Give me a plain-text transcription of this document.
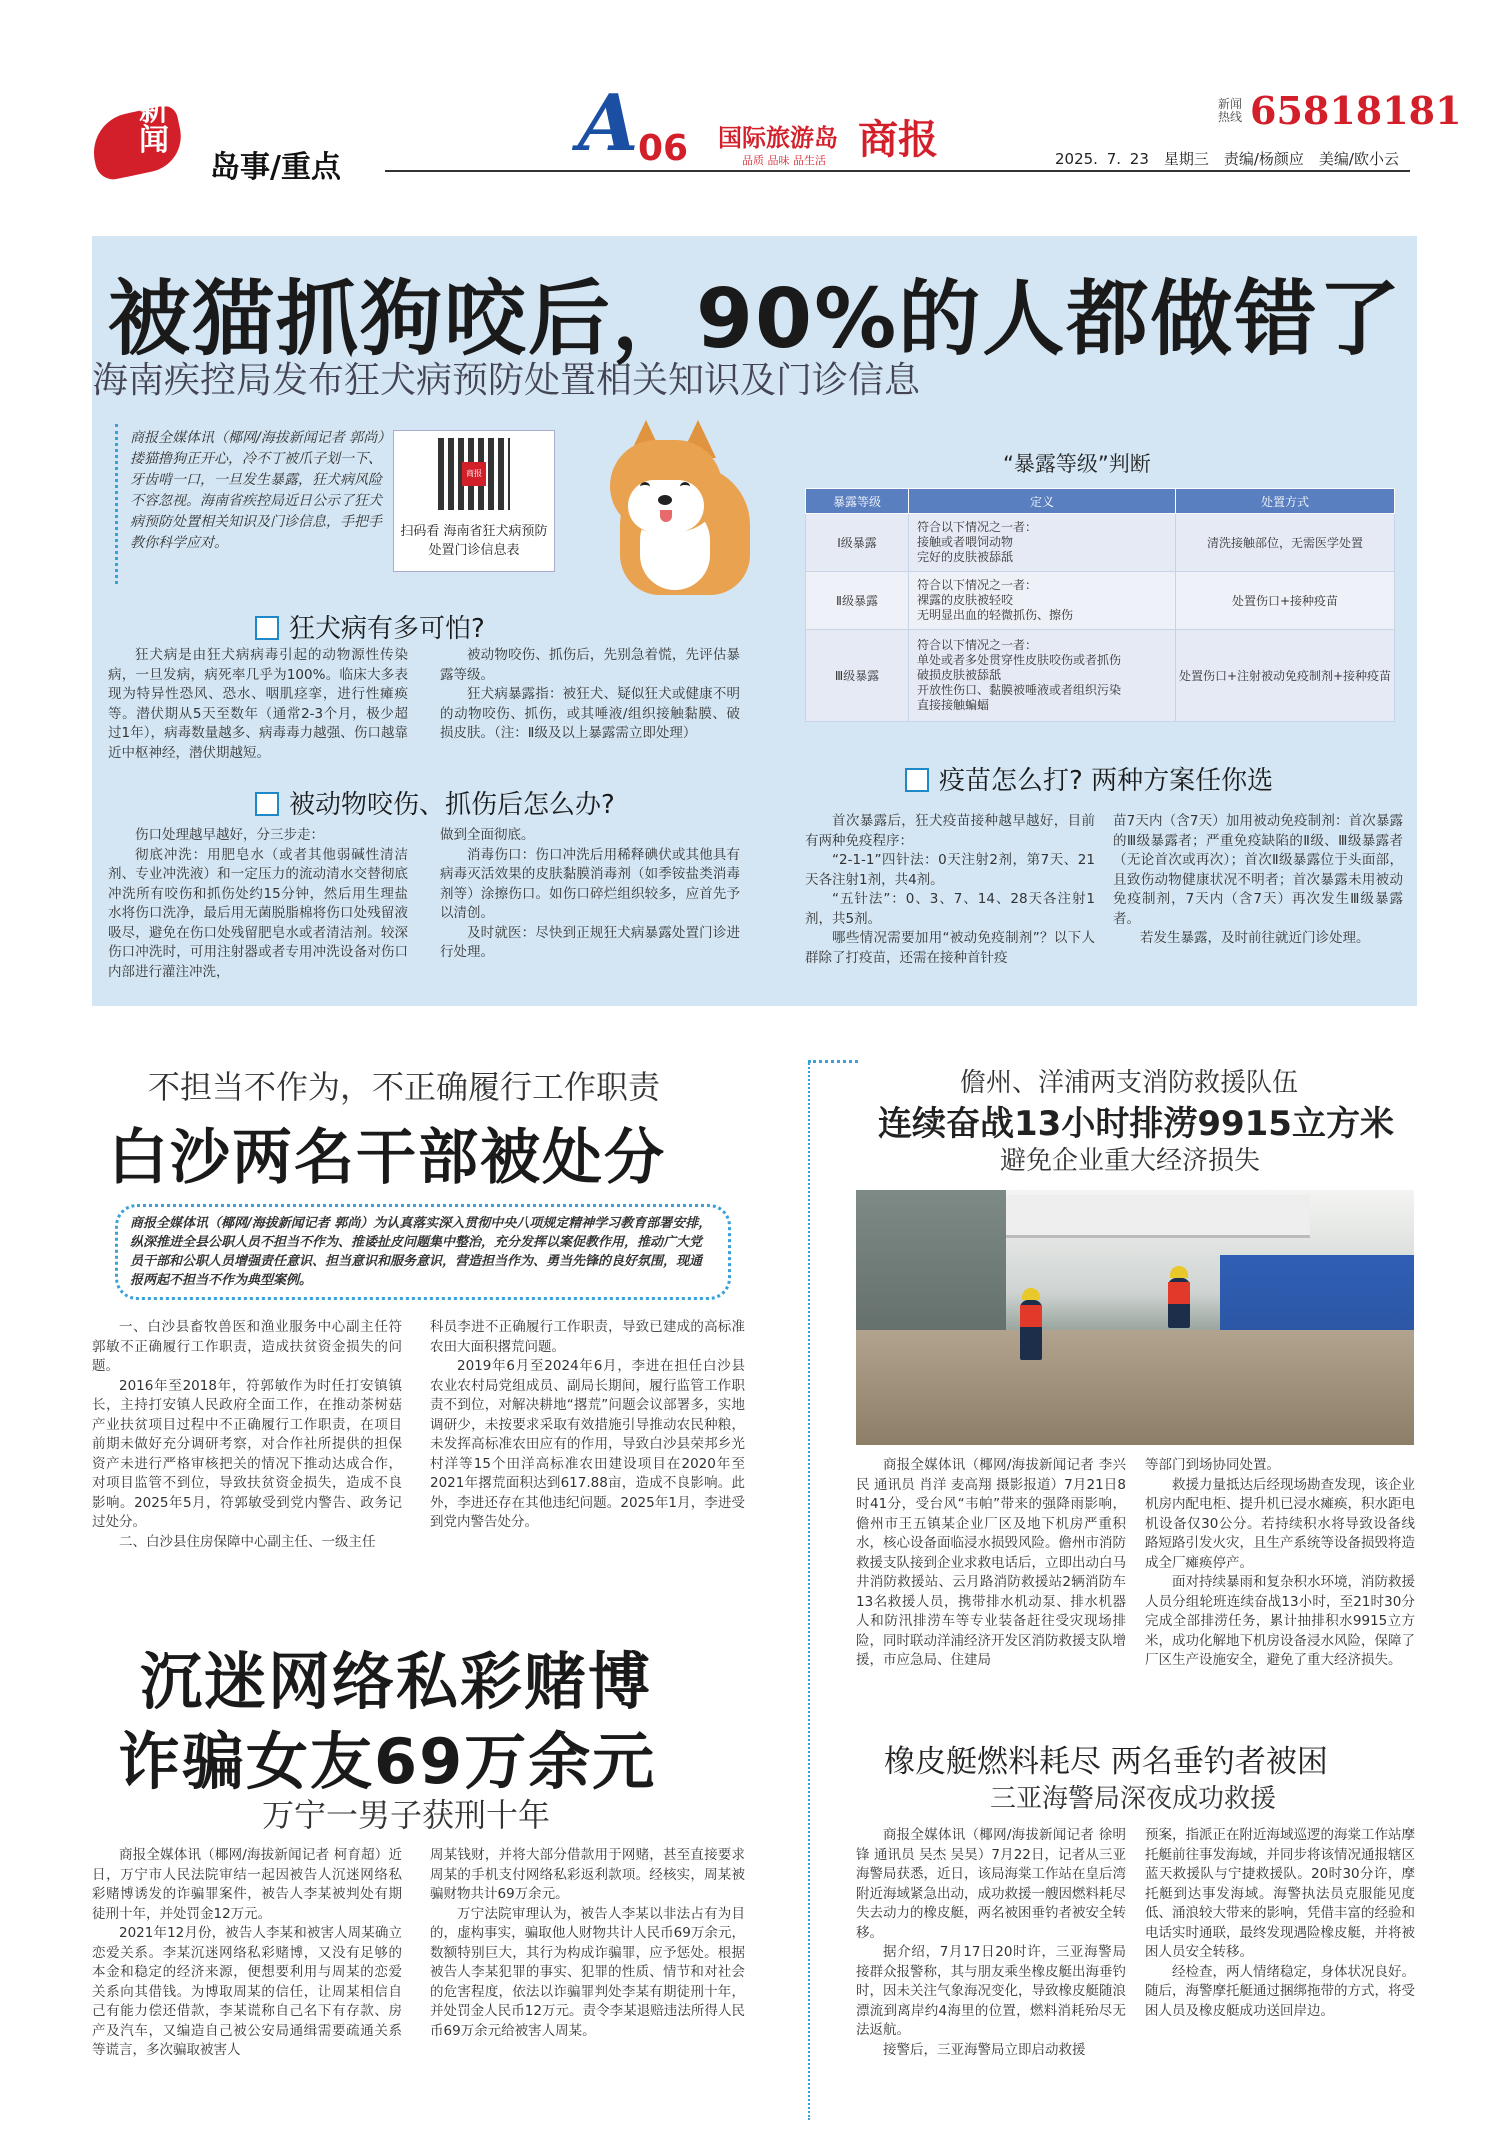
新闻
岛事/重点	A 06 国际旅游岛 商报
品质 品味 品生活
新闻热线 65818181
2025. 7. 23　星期三　责编/杨颜应　美编/欧小云
被猫抓狗咬后，90%的人都做错了
海南疾控局发布狂犬病预防处置相关知识及门诊信息
商报全媒体讯（椰网/海拔新闻记者 郭尚）搂猫撸狗正开心，冷不丁被爪子划一下、牙齿啃一口，一旦发生暴露，狂犬病风险不容忽视。海南省疾控局近日公示了狂犬病预防处置相关知识及门诊信息，手把手教你科学应对。
商报
扫码看 海南省狂犬病预防处置门诊信息表
“暴露等级”判断
暴露等级	定义	处置方式
Ⅰ级暴露	符合以下情况之一者：
接触或者喂饲动物
完好的皮肤被舔舐	清洗接触部位，无需医学处置
Ⅱ级暴露	符合以下情况之一者：
裸露的皮肤被轻咬
无明显出血的轻微抓伤、擦伤	处置伤口+接种疫苗
Ⅲ级暴露	符合以下情况之一者：
单处或者多处贯穿性皮肤咬伤或者抓伤
破损皮肤被舔舐
开放性伤口、黏膜被唾液或者组织污染
直接接触蝙蝠	处置伤口+注射被动免疫制剂+接种疫苗
狂犬病有多可怕?

狂犬病是由狂犬病病毒引起的动物源性传染病，一旦发病，病死率几乎为100%。临床大多表现为特异性恐风、恐水、咽肌痉挛，进行性瘫痪等。潜伏期从5天至数年（通常2-3个月，极少超过1年），病毒数量越多、病毒毒力越强、伤口越靠近中枢神经，潜伏期越短。

被动物咬伤、抓伤后，先别急着慌，先评估暴露等级。

狂犬病暴露指：被狂犬、疑似狂犬或健康不明的动物咬伤、抓伤，或其唾液/组织接触黏膜、破损皮肤。（注：Ⅱ级及以上暴露需立即处理）

被动物咬伤、抓伤后怎么办?

伤口处理越早越好，分三步走：

彻底冲洗：用肥皂水（或者其他弱碱性清洁剂、专业冲洗液）和一定压力的流动清水交替彻底冲洗所有咬伤和抓伤处约15分钟，然后用生理盐水将伤口洗净，最后用无菌脱脂棉将伤口处残留液吸尽，避免在伤口处残留肥皂水或者清洁剂。较深伤口冲洗时，可用注射器或者专用冲洗设备对伤口内部进行灌注冲洗，

做到全面彻底。

消毒伤口：伤口冲洗后用稀释碘伏或其他具有病毒灭活效果的皮肤黏膜消毒剂（如季铵盐类消毒剂等）涂擦伤口。如伤口碎烂组织较多，应首先予以清创。

及时就医：尽快到正规狂犬病暴露处置门诊进行处理。

疫苗怎么打? 两种方案任你选

首次暴露后，狂犬疫苗接种越早越好，目前有两种免疫程序：

“2-1-1”四针法：0天注射2剂，第7天、21天各注射1剂，共4剂。

“五针法”：0、3、7、14、28天各注射1剂，共5剂。

哪些情况需要加用“被动免疫制剂”？以下人群除了打疫苗，还需在接种首针疫

苗7天内（含7天）加用被动免疫制剂：首次暴露的Ⅲ级暴露者；严重免疫缺陷的Ⅱ级、Ⅲ级暴露者（无论首次或再次）；首次Ⅱ级暴露位于头面部，且致伤动物健康状况不明者；首次暴露未用被动免疫制剂，7天内（含7天）再次发生Ⅲ级暴露者。

若发生暴露，及时前往就近门诊处理。

不担当不作为，不正确履行工作职责
白沙两名干部被处分
商报全媒体讯（椰网/海拔新闻记者 郭尚）为认真落实深入贯彻中央八项规定精神学习教育部署安排，纵深推进全县公职人员不担当不作为、推诿扯皮问题集中整治，充分发挥以案促教作用，推动广大党员干部和公职人员增强责任意识、担当意识和服务意识，营造担当作为、勇当先锋的良好氛围，现通报两起不担当不作为典型案例。

一、白沙县畜牧兽医和渔业服务中心副主任符郭敏不正确履行工作职责，造成扶贫资金损失的问题。

2016年至2018年，符郭敏作为时任打安镇镇长，主持打安镇人民政府全面工作，在推动茶树菇产业扶贫项目过程中不正确履行工作职责，在项目前期未做好充分调研考察，对合作社所提供的担保资产未进行严格审核把关的情况下推动达成合作，对项目监管不到位，导致扶贫资金损失，造成不良影响。2025年5月，符郭敏受到党内警告、政务记过处分。

二、白沙县住房保障中心副主任、一级主任

科员李进不正确履行工作职责，导致已建成的高标准农田大面积撂荒问题。

2019年6月至2024年6月，李进在担任白沙县农业农村局党组成员、副局长期间，履行监管工作职责不到位，对解决耕地“撂荒”问题会议部署多，实地调研少，未按要求采取有效措施引导推动农民种粮，未发挥高标准农田应有的作用，导致白沙县荣邦乡光村洋等15个田洋高标准农田建设项目在2020年至2021年撂荒面积达到617.88亩，造成不良影响。此外，李进还存在其他违纪问题。2025年1月，李进受到党内警告处分。

沉迷网络私彩赌博
诈骗女友69万余元
万宁一男子获刑十年

商报全媒体讯（椰网/海拔新闻记者 柯育超）近日，万宁市人民法院审结一起因被告人沉迷网络私彩赌博诱发的诈骗罪案件，被告人李某被判处有期徒刑十年，并处罚金12万元。

2021年12月份，被告人李某和被害人周某确立恋爱关系。李某沉迷网络私彩赌博，又没有足够的本金和稳定的经济来源，便想要利用与周某的恋爱关系向其借钱。为博取周某的信任，让周某相信自己有能力偿还借款，李某谎称自己名下有存款、房产及汽车，又编造自己被公安局通缉需要疏通关系等谎言，多次骗取被害人

周某钱财，并将大部分借款用于网赌，甚至直接要求周某的手机支付网络私彩返利款项。经核实，周某被骗财物共计69万余元。

万宁法院审理认为，被告人李某以非法占有为目的，虚构事实，骗取他人财物共计人民币69万余元，数额特别巨大，其行为构成诈骗罪，应予惩处。根据被告人李某犯罪的事实、犯罪的性质、情节和对社会的危害程度，依法以诈骗罪判处李某有期徒刑十年，并处罚金人民币12万元。责令李某退赔违法所得人民币69万余元给被害人周某。

儋州、洋浦两支消防救援队伍
连续奋战13小时排涝9915立方米
避免企业重大经济损失

商报全媒体讯（椰网/海拔新闻记者 李兴民 通讯员 肖洋 麦高翔 摄影报道）7月21日8时41分，受台风“韦帕”带来的强降雨影响，儋州市王五镇某企业厂区及地下机房严重积水，核心设备面临浸水损毁风险。儋州市消防救援支队接到企业求救电话后，立即出动白马井消防救援站、云月路消防救援站2辆消防车13名救援人员，携带排水机动泵、排水机器人和防汛排涝车等专业装备赶往受灾现场排险，同时联动洋浦经济开发区消防救援支队增援，市应急局、住建局

等部门到场协同处置。

救援力量抵达后经现场勘查发现，该企业机房内配电柜、提升机已浸水瘫痪，积水距电机设备仅30公分。若持续积水将导致设备线路短路引发火灾，且生产系统等设备损毁将造成全厂瘫痪停产。

面对持续暴雨和复杂积水环境，消防救援人员分组轮班连续奋战13小时，至21时30分完成全部排涝任务，累计抽排积水9915立方米，成功化解地下机房设备浸水风险，保障了厂区生产设施安全，避免了重大经济损失。

橡皮艇燃料耗尽 两名垂钓者被困
三亚海警局深夜成功救援

商报全媒体讯（椰网/海拔新闻记者 徐明锋 通讯员 吴杰 吴昊）7月22日，记者从三亚海警局获悉，近日，该局海棠工作站在皇后湾附近海域紧急出动，成功救援一艘因燃料耗尽失去动力的橡皮艇，两名被困垂钓者被安全转移。

据介绍，7月17日20时许，三亚海警局接群众报警称，其与朋友乘坐橡皮艇出海垂钓时，因未关注气象海况变化，导致橡皮艇随浪漂流到离岸约4海里的位置，燃料消耗殆尽无法返航。

接警后，三亚海警局立即启动救援

预案，指派正在附近海域巡逻的海棠工作站摩托艇前往事发海域，并同步将该情况通报辖区蓝天救援队与宁捷救援队。20时30分许，摩托艇到达事发海域。海警执法员克服能见度低、涌浪较大带来的影响，凭借丰富的经验和电话实时通联，最终发现遇险橡皮艇，并将被困人员安全转移。

经检查，两人情绪稳定，身体状况良好。随后，海警摩托艇通过捆绑拖带的方式，将受困人员及橡皮艇成功送回岸边。
